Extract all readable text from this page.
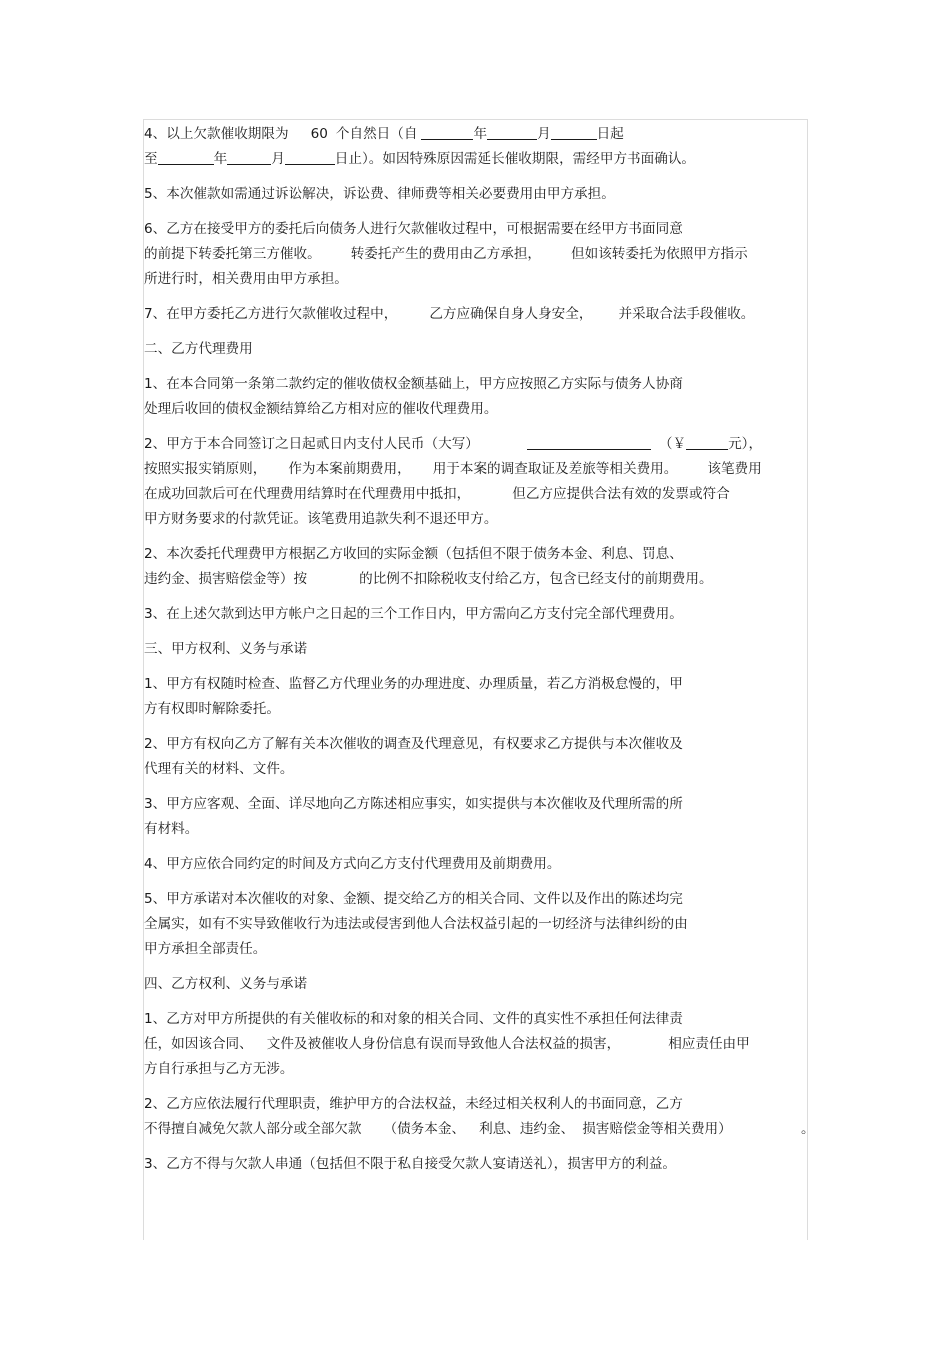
4、以上欠款催收期限为 60 个自然日（自	年	月	日起
至	年	月	日止）。如因特殊原因需延长催收期限，需经甲方书面确认。
5、本次催款如需通过诉讼解决，诉讼费、律师费等相关必要费用由甲方承担。
6、乙方在接受甲方的委托后向债务人进行欠款催收过程中，可根据需要在经甲方书面同意
的前提下转委托第三方催收。 转委托产生的费用由乙方承担， 但如该转委托为依照甲方指示
所进行时，相关费用由甲方承担。
7、在甲方委托乙方进行欠款催收过程中， 乙方应确保自身人身安全， 并采取合法手段催收。
二、乙方代理费用
1、在本合同第一条第二款约定的催收债权金额基础上，甲方应按照乙方实际与债务人协商
处理后收回的债权金额结算给乙方相对应的催收代理费用。
2、甲方于本合同签订之日起贰日内支付人民币（大写）	（￥	元），
按照实报实销原则， 作为本案前期费用， 用于本案的调查取证及差旅等相关费用。 该笔费用
在成功回款后可在代理费用结算时在代理费用中抵扣，	但乙方应提供合法有效的发票或符合
甲方财务要求的付款凭证。该笔费用追款失利不退还甲方。
2、本次委托代理费甲方根据乙方收回的实际金额（包括但不限于债务本金、利息、罚息、
违约金、损害赔偿金等）按	的比例不扣除税收支付给乙方，包含已经支付的前期费用。
3、在上述欠款到达甲方帐户之日起的三个工作日内，甲方需向乙方支付完全部代理费用。
三、甲方权利、义务与承诺
1、甲方有权随时检查、监督乙方代理业务的办理进度、办理质量，若乙方消极怠慢的，甲
方有权即时解除委托。
2、甲方有权向乙方了解有关本次催收的调查及代理意见，有权要求乙方提供与本次催收及
代理有关的材料、文件。
3、甲方应客观、全面、详尽地向乙方陈述相应事实，如实提供与本次催收及代理所需的所
有材料。
4、甲方应依合同约定的时间及方式向乙方支付代理费用及前期费用。
5、甲方承诺对本次催收的对象、金额、提交给乙方的相关合同、文件以及作出的陈述均完
全属实，如有不实导致催收行为违法或侵害到他人合法权益引起的一切经济与法律纠纷的由
甲方承担全部责任。
四、乙方权利、义务与承诺
1、乙方对甲方所提供的有关催收标的和对象的相关合同、文件的真实性不承担任何法律责
任，如因该合同、 文件及被催收人身份信息有误而导致他人合法权益的损害，	相应责任由甲
方自行承担与乙方无涉。
2、乙方应依法履行代理职责，维护甲方的合法权益，未经过相关权利人的书面同意，乙方
不得擅自减免欠款人部分或全部欠款 （债务本金、 利息、违约金、 损害赔偿金等相关费用）	。
3、乙方不得与欠款人串通（包括但不限于私自接受欠款人宴请送礼），损害甲方的利益。
